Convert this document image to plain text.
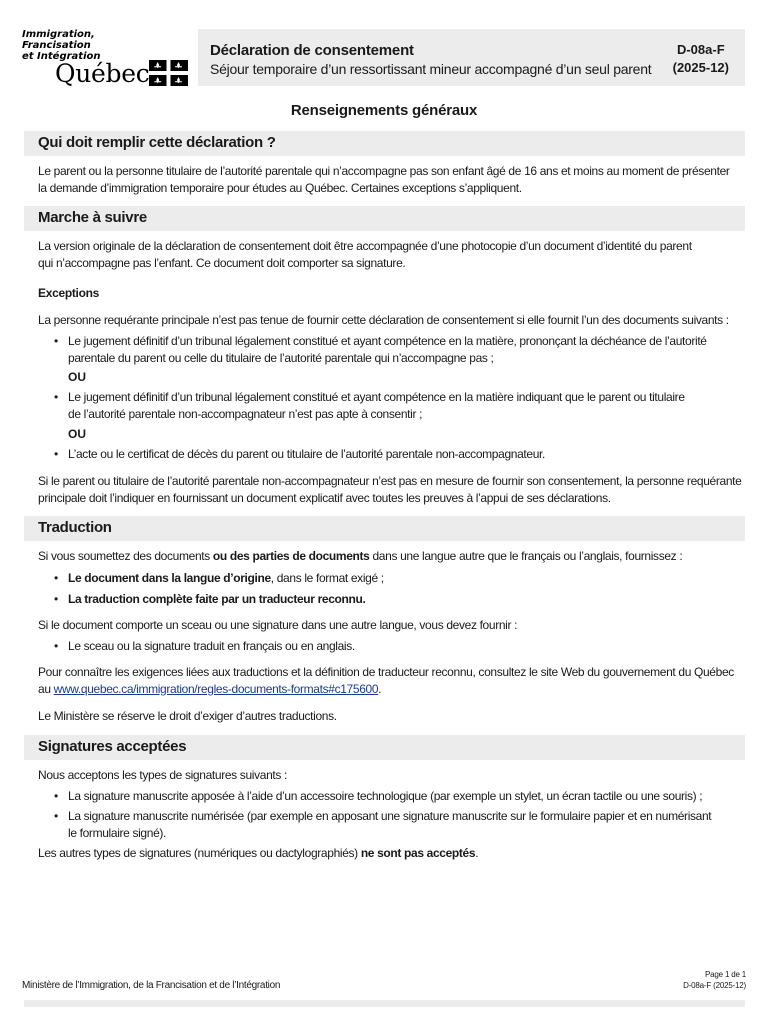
Immigration,
Francisation
et Intégration
Québec
Déclaration de consentement
Séjour temporaire d’un ressortissant mineur accompagné d’un seul parent
D-08a-F
(2025-12)
Renseignements généraux
Qui doit remplir cette déclaration ?
Le parent ou la personne titulaire de l’autorité parentale qui n’accompagne pas son enfant âgé de 16 ans et moins au moment de présenter
la demande d’immigration temporaire pour études au Québec. Certaines exceptions s’appliquent.
Marche à suivre
La version originale de la déclaration de consentement doit être accompagnée d’une photocopie d’un document d’identité du parent
qui n’accompagne pas l’enfant. Ce document doit comporter sa signature.
Exceptions
La personne requérante principale n’est pas tenue de fournir cette déclaration de consentement si elle fournit l’un des documents suivants :
• Le jugement définitif d’un tribunal légalement constitué et ayant compétence en la matière, prononçant la déchéance de l’autorité
parentale du parent ou celle du titulaire de l’autorité parentale qui n’accompagne pas ;
OU
• Le jugement définitif d’un tribunal légalement constitué et ayant compétence en la matière indiquant que le parent ou titulaire
de l’autorité parentale non-accompagnateur n’est pas apte à consentir ;
OU
• L’acte ou le certificat de décès du parent ou titulaire de l’autorité parentale non-accompagnateur.
Si le parent ou titulaire de l’autorité parentale non-accompagnateur n’est pas en mesure de fournir son consentement, la personne requérante
principale doit l’indiquer en fournissant un document explicatif avec toutes les preuves à l’appui de ses déclarations.
Traduction
Si vous soumettez des documents ou des parties de documents dans une langue autre que le français ou l’anglais, fournissez :
• Le document dans la langue d’origine, dans le format exigé ;
• La traduction complète faite par un traducteur reconnu.
Si le document comporte un sceau ou une signature dans une autre langue, vous devez fournir :
• Le sceau ou la signature traduit en français ou en anglais.
Pour connaître les exigences liées aux traductions et la définition de traducteur reconnu, consultez le site Web du gouvernement du Québec
au www.quebec.ca/immigration/regles-documents-formats#c175600.
Le Ministère se réserve le droit d’exiger d’autres traductions.
Signatures acceptées
Nous acceptons les types de signatures suivants :
• La signature manuscrite apposée à l’aide d’un accessoire technologique (par exemple un stylet, un écran tactile ou une souris) ;
• La signature manuscrite numérisée (par exemple en apposant une signature manuscrite sur le formulaire papier et en numérisant
le formulaire signé).
Les autres types de signatures (numériques ou dactylographiés) ne sont pas acceptés.
Ministère de l’Immigration, de la Francisation et de l’Intégration
Page 1 de 1
D-08a-F (2025-12)
